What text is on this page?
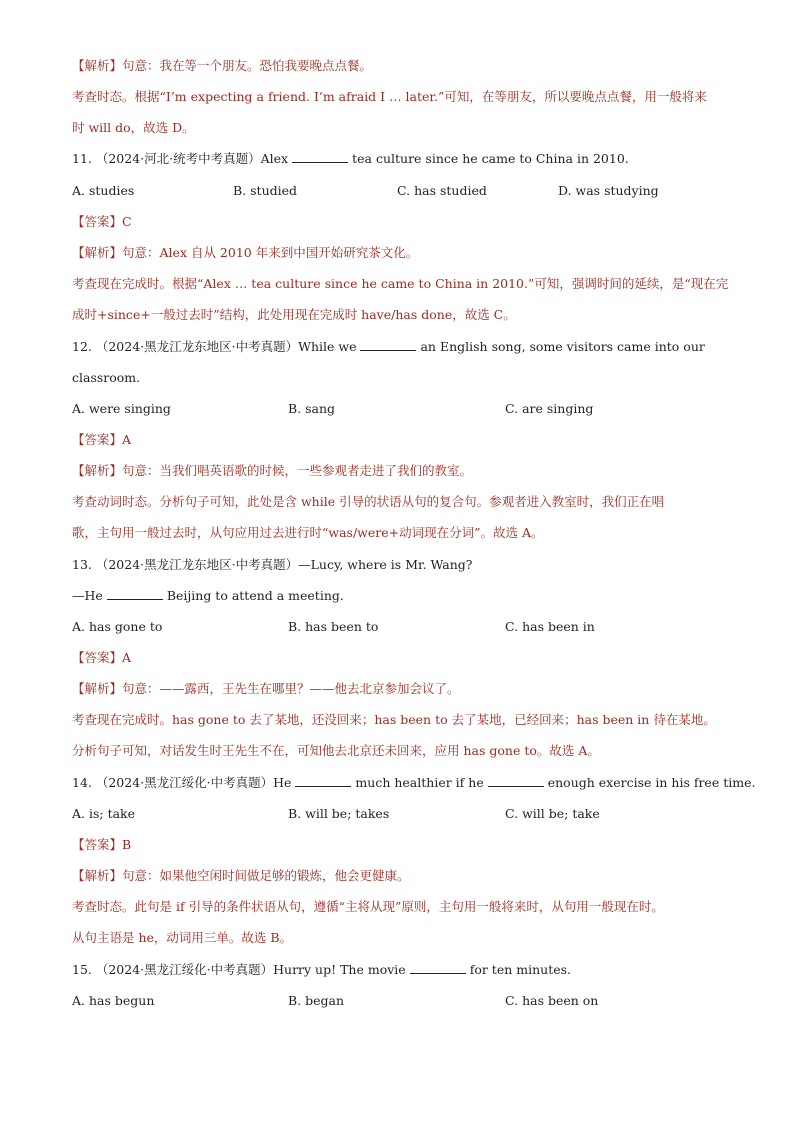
【解析】句意：我在等一个朋友。恐怕我要晚点点餐。
考查时态。根据“I’m expecting a friend. I’m afraid I … later.”可知，在等朋友，所以要晚点点餐，用一般将来
时 will do，故选 D。
11. （2024·河北·统考中考真题）Alex	tea culture since he came to China in 2010.
A. studies	B. studied	C. has studied	D. was studying
【答案】C
【解析】句意：Alex 自从 2010 年来到中国开始研究茶文化。
考查现在完成时。根据“Alex … tea culture since he came to China in 2010.”可知，强调时间的延续，是“现在完
成时+since+一般过去时”结构，此处用现在完成时 have/has done，故选 C。
12. （2024·黑龙江龙东地区·中考真题）While we	an English song, some visitors came into our
classroom.
A. were singing	B. sang	C. are singing
【答案】A
【解析】句意：当我们唱英语歌的时候，一些参观者走进了我们的教室。
考查动词时态。分析句子可知，此处是含 while 引导的状语从句的复合句。参观者进入教室时，我们正在唱
歌，主句用一般过去时，从句应用过去进行时“was/were+动词现在分词”。故选 A。
13. （2024·黑龙江龙东地区·中考真题）—Lucy, where is Mr. Wang?
—He	Beijing to attend a meeting.
A. has gone to	B. has been to	C. has been in
【答案】A
【解析】句意：——露西，王先生在哪里？——他去北京参加会议了。
考查现在完成时。has gone to 去了某地，还没回来；has been to 去了某地，已经回来；has been in 待在某地。
分析句子可知，对话发生时王先生不在，可知他去北京还未回来，应用 has gone to。故选 A。
14. （2024·黑龙江绥化·中考真题）He	much healthier if he	enough exercise in his free time.
A. is; take	B. will be; takes	C. will be; take
【答案】B
【解析】句意：如果他空闲时间做足够的锻炼，他会更健康。
考查时态。此句是 if 引导的条件状语从句，遵循“主将从现”原则，主句用一般将来时，从句用一般现在时。
从句主语是 he，动词用三单。故选 B。
15. （2024·黑龙江绥化·中考真题）Hurry up! The movie	for ten minutes.
A. has begun	B. began	C. has been on
